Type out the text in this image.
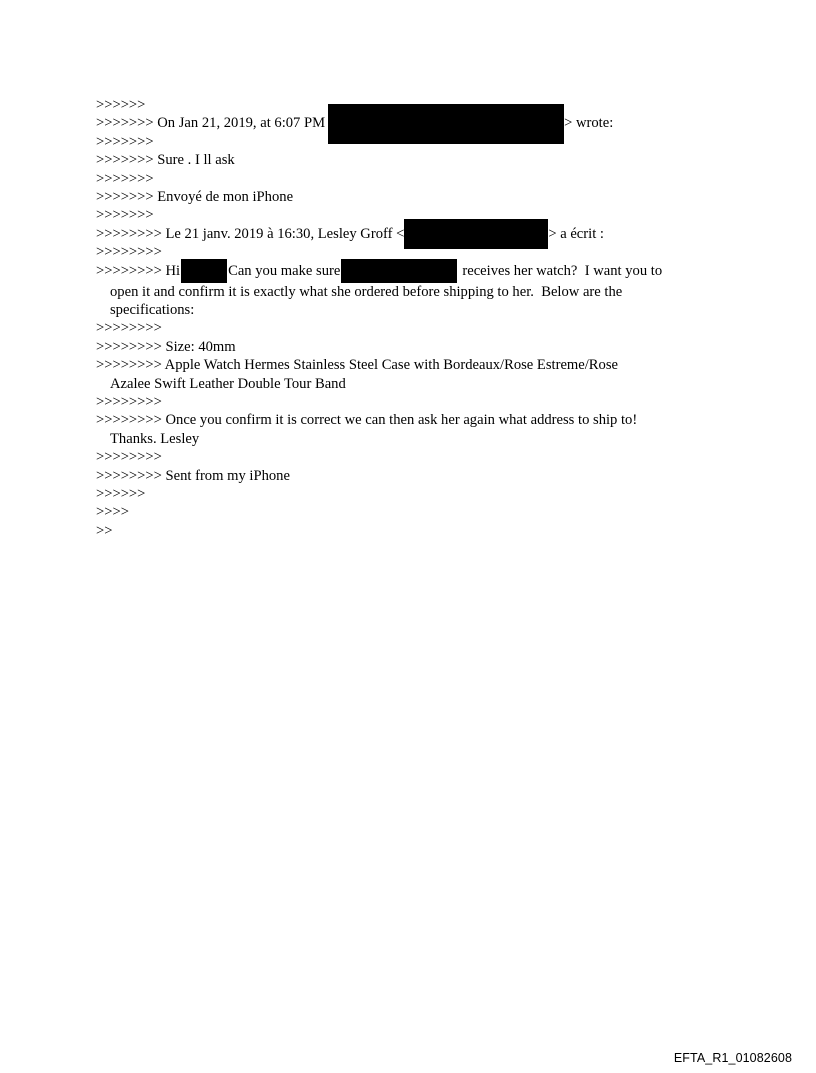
>>>>>>
>>>>>>> On Jan 21, 2019, at 6:07 PM	> wrote:
>>>>>>>
>>>>>>> Sure . I ll ask
>>>>>>>
>>>>>>> Envoyé de mon iPhone
>>>>>>>
>>>>>>>> Le 21 janv. 2019 à 16:30, Lesley Groff <	> a écrit :
>>>>>>>>
>>>>>>>> Hi	Can you make sure	receives her watch?  I want you to
open it and confirm it is exactly what she ordered before shipping to her.  Below are the
specifications:
>>>>>>>>
>>>>>>>> Size: 40mm
>>>>>>>> Apple Watch Hermes Stainless Steel Case with Bordeaux/Rose Estreme/Rose
Azalee Swift Leather Double Tour Band
>>>>>>>>
>>>>>>>> Once you confirm it is correct we can then ask her again what address to ship to!
Thanks. Lesley
>>>>>>>>
>>>>>>>> Sent from my iPhone
>>>>>>
>>>>
>>
EFTA_R1_01082608
